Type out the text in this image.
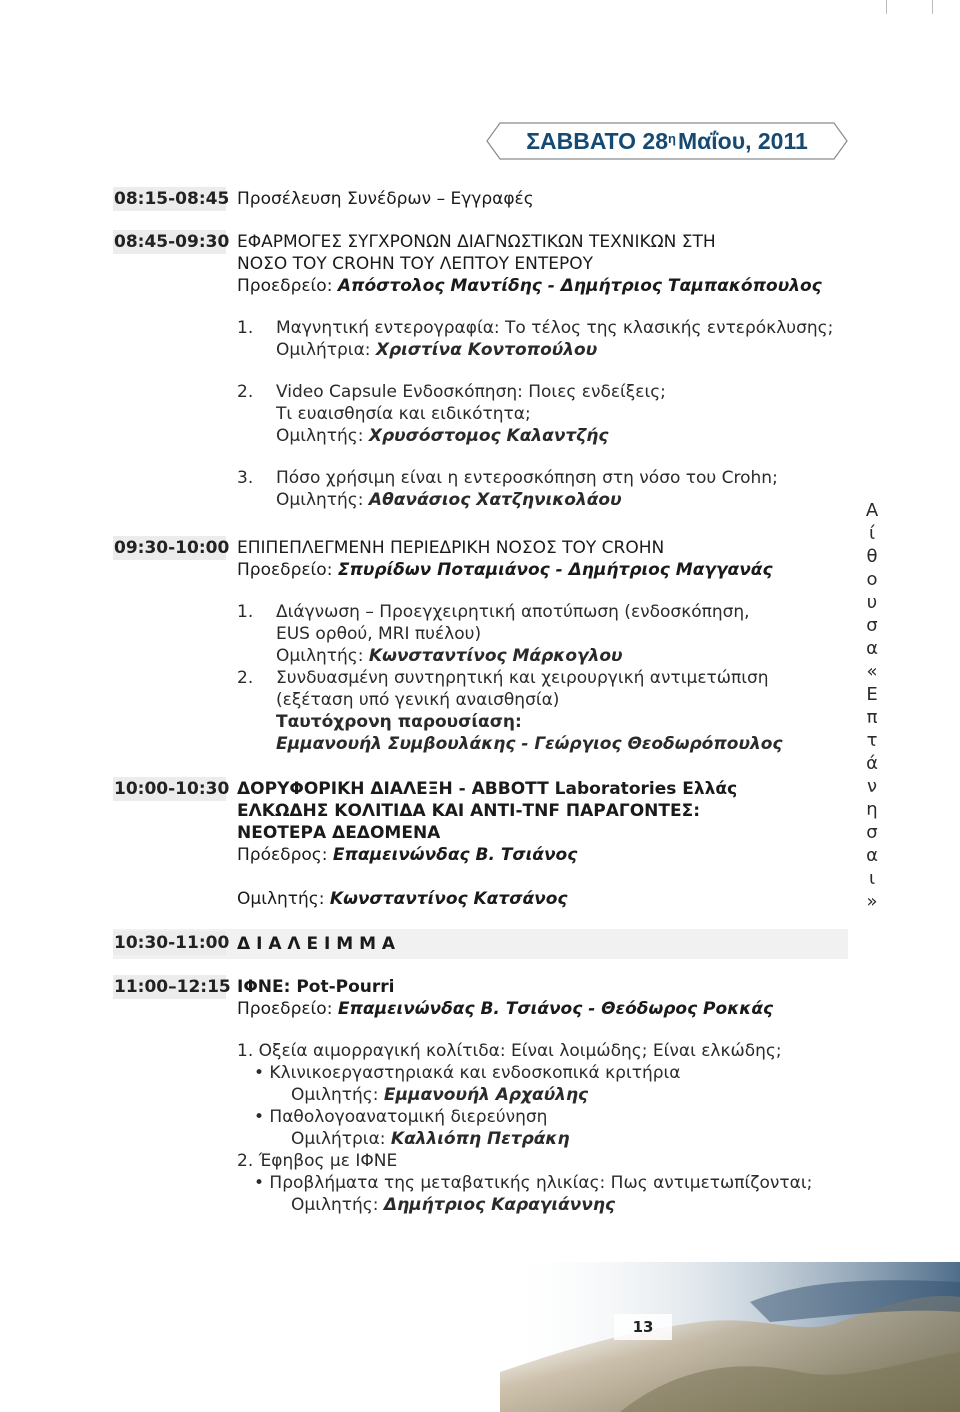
ΣΑΒΒΑΤΟ $28^\eta$ Μαΐου, 2011
08:15-08:45 Προσέλευση Συνέδρων – Εγγραφές
08:45-09:30 ΕΦΑΡΜΟΓΕΣ ΣΥΓΧΡΟΝΩΝ ΔΙΑΓΝΩΣΤΙΚΩΝ ΤΕΧΝΙΚΩΝ ΣΤΗ
ΝΟΣΟ ΤΟΥ CROHN ΤΟΥ ΛΕΠΤΟΥ ΕΝΤΕΡΟΥ
Προεδρείο: Απόστολος Μαντίδης - Δημήτριος Ταμπακόπουλος
1. Μαγνητική εντερογραφία: Το τέλος της κλασικής εντερόκλυσης;
Ομιλήτρια: Χριστίνα Κοντοπούλου
2. Video Capsule Ενδοσκόπηση: Ποιες ενδείξεις;
Τι ευαισθησία και ειδικότητα;
Ομιλητής: Χρυσόστομος Καλαντζής
3. Πόσο χρήσιμη είναι η εντεροσκόπηση στη νόσο του Crohn;
Ομιλητής: Αθανάσιος Χατζηνικολάου
09:30-10:00 ΕΠΙΠΕΠΛΕΓΜΕΝΗ ΠΕΡΙΕΔΡΙΚΗ ΝΟΣΟΣ ΤΟΥ CROHN
Προεδρείο: Σπυρίδων Ποταμιάνος - Δημήτριος Μαγγανάς
1. Διάγνωση – Προεγχειρητική αποτύπωση (ενδοσκόπηση,
EUS ορθού, MRI πυέλου)
Ομιλητής: Κωνσταντίνος Μάρκογλου
2. Συνδυασμένη συντηρητική και χειρουργική αντιμετώπιση
(εξέταση υπό γενική αναισθησία)
Ταυτόχρονη παρουσίαση:
Εμμανουήλ Συμβουλάκης - Γεώργιος Θεοδωρόπουλος
10:00-10:30 ΔΟΡΥΦΟΡΙΚΗ ΔΙΑΛΕΞΗ - ABBOTT Laboratories Ελλάς
ΕΛΚΩΔΗΣ ΚΟΛΙΤΙΔΑ ΚΑΙ ΑΝΤΙ-TNF ΠΑΡΑΓΟΝΤΕΣ:
ΝΕΟΤΕΡΑ ΔΕΔΟΜΕΝΑ
Πρόεδρος: Επαμεινώνδας Β. Τσιάνος
Ομιλητής: Κωνσταντίνος Κατσάνος
10:30-11:00 Δ Ι Α Λ Ε Ι Μ Μ Α
11:00–12:15 ΙΦΝΕ: Pot-Pourri
Προεδρείο: Επαμεινώνδας Β. Τσιάνος - Θεόδωρος Ροκκάς
1. Οξεία αιμορραγική κολίτιδα: Είναι λοιμώδης; Είναι ελκώδης;
• Κλινικοεργαστηριακά και ενδοσκοπικά κριτήρια
Ομιλητής: Εμμανουήλ Αρχαύλης
• Παθολογοανατομική διερεύνηση
Ομιλήτρια: Καλλιόπη Πετράκη
2. Έφηβος με ΙΦΝΕ
• Προβλήματα της μεταβατικής ηλικίας: Πως αντιμετωπίζονται;
Ομιλητής: Δημήτριος Καραγιάννης
Α
ί
θ
ο
υ
σ
α
«
Ε
π
τ
ά
ν
η
σ
α
ι
»
13
